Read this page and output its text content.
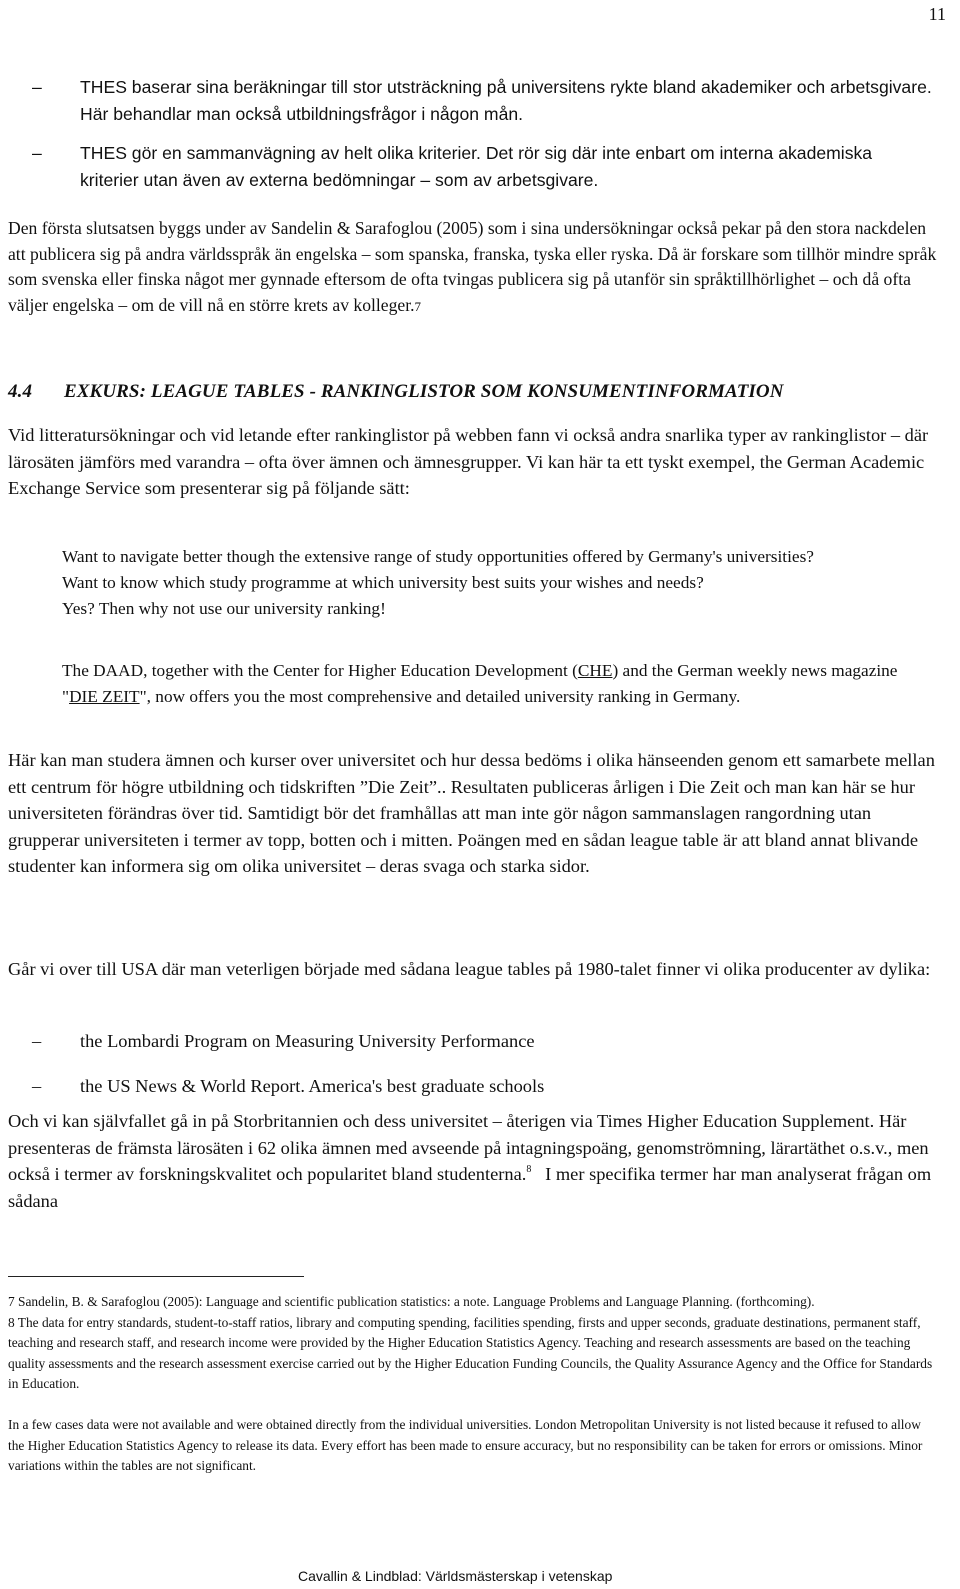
11
– THES baserar sina beräkningar till stor utsträckning på universitens rykte bland akademiker och arbetsgivare. Här behandlar man också utbildningsfrågor i någon mån.
– THES gör en sammanvägning av helt olika kriterier. Det rör sig där inte enbart om interna akademiska kriterier utan även av externa bedömningar – som av arbetsgivare.

Den första slutsatsen byggs under av Sandelin & Sarafoglou (2005) som i sina undersökningar också pekar på den stora nackdelen att publicera sig på andra världsspråk än engelska – som spanska, franska, tyska eller ryska. Då är forskare som tillhör mindre språk som svenska eller finska något mer gynnade eftersom de ofta tvingas publicera sig på utanför sin språktillhörlighet – och då ofta väljer engelska – om de vill nå en större krets av kolleger.7

4.4 EXKURS: LEAGUE TABLES - RANKINGLISTOR SOM KONSUMENTINFORMATION

Vid litteratursökningar och vid letande efter rankinglistor på webben fann vi också andra snarlika typer av rankinglistor – där lärosäten jämförs med varandra – ofta över ämnen och ämnesgrupper. Vi kan här ta ett tyskt exempel, the German Academic Exchange Service som presenterar sig på följande sätt:

Want to navigate better though the extensive range of study opportunities offered by Germany's universities?
Want to know which study programme at which university best suits your wishes and needs?
Yes? Then why not use our university ranking!

The DAAD, together with the Center for Higher Education Development (CHE) and the German weekly news magazine "DIE ZEIT", now offers you the most comprehensive and detailed university ranking in Germany.

Här kan man studera ämnen och kurser over universitet och hur dessa bedöms i olika hänseenden genom ett samarbete mellan ett centrum för högre utbildning och tidskriften ”Die Zeit”.. Resultaten publiceras årligen i Die Zeit och man kan här se hur universiteten förändras över tid. Samtidigt bör det framhållas att man inte gör någon sammanslagen rangordning utan grupperar universiteten i termer av topp, botten och i mitten. Poängen med en sådan league table är att bland annat blivande studenter kan informera sig om olika universitet – deras svaga och starka sidor.

Går vi over till USA där man veterligen började med sådana league tables på 1980-talet finner vi olika producenter av dylika:

– the Lombardi Program on Measuring University Performance
– the US News & World Report. America's best graduate schools

Och vi kan självfallet gå in på Storbritannien och dess universitet – återigen via Times Higher Education Supplement. Här presenteras de främsta lärosäten i 62 olika ämnen med avseende på intagningspoäng, genomströmning, lärartäthet o.s.v., men också i termer av forskningskvalitet och popularitet bland studenterna.$^8$ I mer specifika termer har man analyserat frågan om sådana

7 Sandelin, B. & Sarafoglou (2005): Language and scientific publication statistics: a note. Language Problems and Language Planning. (forthcoming).

8 The data for entry standards, student-to-staff ratios, library and computing spending, facilities spending, firsts and upper seconds, graduate destinations, permanent staff, teaching and research staff, and research income were provided by the Higher Education Statistics Agency. Teaching and research assessments are based on the teaching quality assessments and the research assessment exercise carried out by the Higher Education Funding Councils, the Quality Assurance Agency and the Office for Standards in Education.

In a few cases data were not available and were obtained directly from the individual universities. London Metropolitan University is not listed because it refused to allow the Higher Education Statistics Agency to release its data. Every effort has been made to ensure accuracy, but no responsibility can be taken for errors or omissions. Minor variations within the tables are not significant.

Cavallin & Lindblad: Världsmästerskap i vetenskap
